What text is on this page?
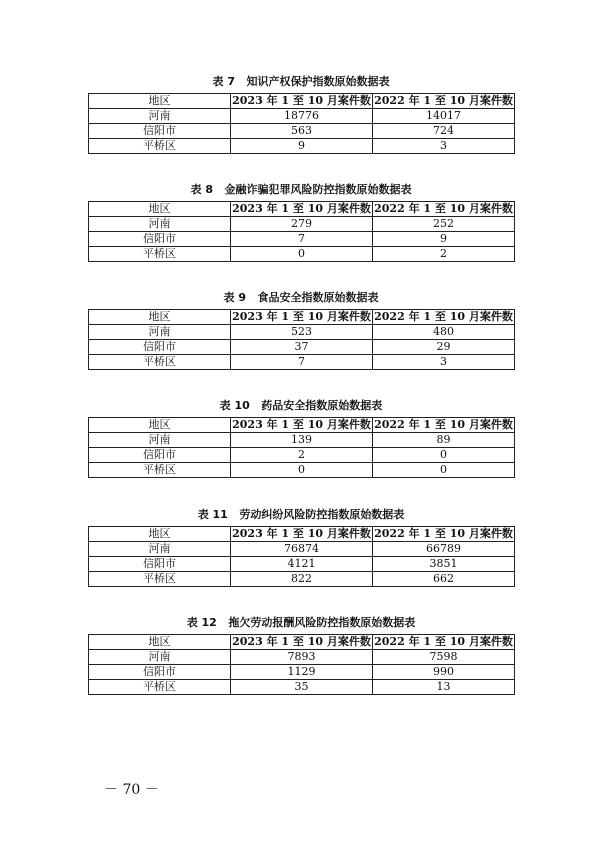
表 7   知识产权保护指数原始数据表
地区	2023 年 1 至 10 月案件数	2022 年 1 至 10 月案件数
河南	18776	14017
信阳市	563	724
平桥区	9	3
表 8   金融诈骗犯罪风险防控指数原始数据表
地区	2023 年 1 至 10 月案件数	2022 年 1 至 10 月案件数
河南	279	252
信阳市	7	9
平桥区	0	2
表 9   食品安全指数原始数据表
地区	2023 年 1 至 10 月案件数	2022 年 1 至 10 月案件数
河南	523	480
信阳市	37	29
平桥区	7	3
表 10   药品安全指数原始数据表
地区	2023 年 1 至 10 月案件数	2022 年 1 至 10 月案件数
河南	139	89
信阳市	2	0
平桥区	0	0
表 11   劳动纠纷风险防控指数原始数据表
地区	2023 年 1 至 10 月案件数	2022 年 1 至 10 月案件数
河南	76874	66789
信阳市	4121	3851
平桥区	822	662
表 12   拖欠劳动报酬风险防控指数原始数据表
地区	2023 年 1 至 10 月案件数	2022 年 1 至 10 月案件数
河南	7893	7598
信阳市	1129	990
平桥区	35	13
－ 70 －
